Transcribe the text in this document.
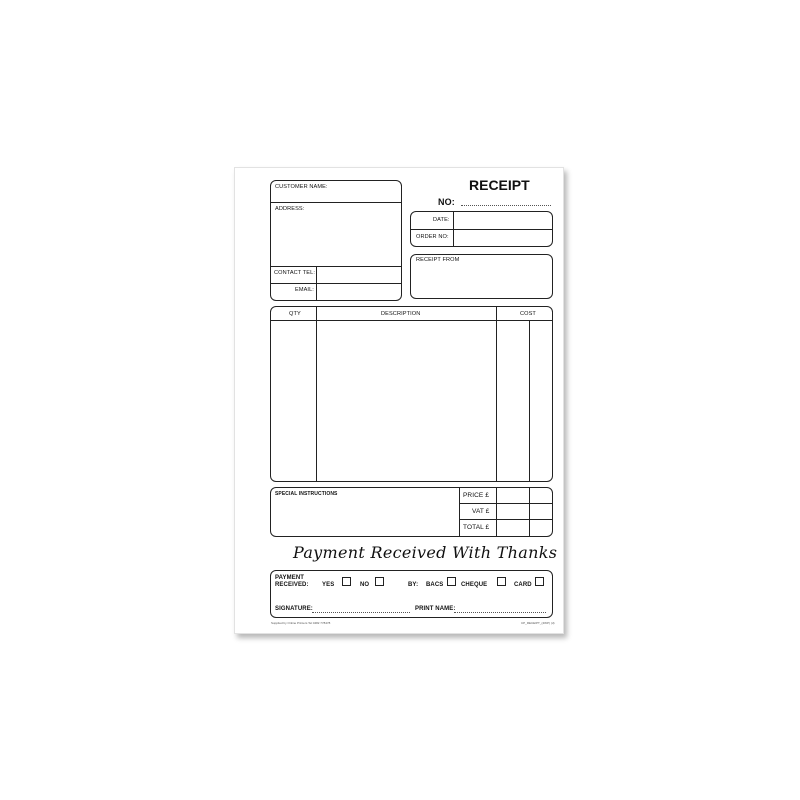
RECEIPT
NO:
CUSTOMER NAME:
ADDRESS:
CONTACT TEL:
EMAIL:
DATE:
ORDER NO:
RECEIPT FROM
QTY	DESCRIPTION	COST
SPECIAL INSTRUCTIONS	PRICE £
VAT £
TOTAL £
Payment Received With Thanks
PAYMENT
RECEIVED: YES	NO	BY: BACS	CHEQUE	CARD
SIGNATURE:	PRINT NAME:
Supplied by Online Printers Tel 0482 778478	CP_RECEIPT_(4WP) (d)
